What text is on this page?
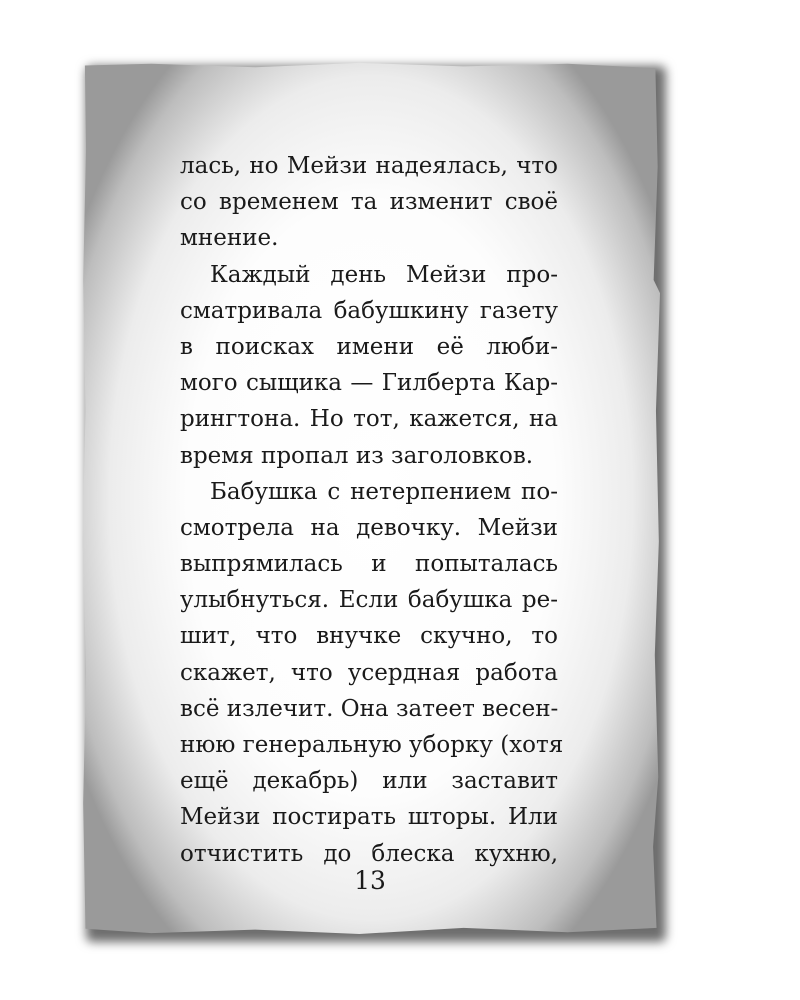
лась, но Мейзи надеялась, что
со временем та изменит своё
мнение.
Каждый день Мейзи про-
сматривала бабушкину газету
в поисках имени её люби-
мого сыщика — Гилберта Кар-
рингтона. Но тот, кажется, на
время пропал из заголовков.
Бабушка с нетерпением по-
смотрела на девочку. Мейзи
выпрямилась и попыталась
улыбнуться. Если бабушка ре-
шит, что внучке скучно, то
скажет, что усердная работа
всё излечит. Она затеет весен-
нюю генеральную уборку (хотя
ещё декабрь) или заставит
Мейзи постирать шторы. Или
отчистить до блеска кухню,
13
